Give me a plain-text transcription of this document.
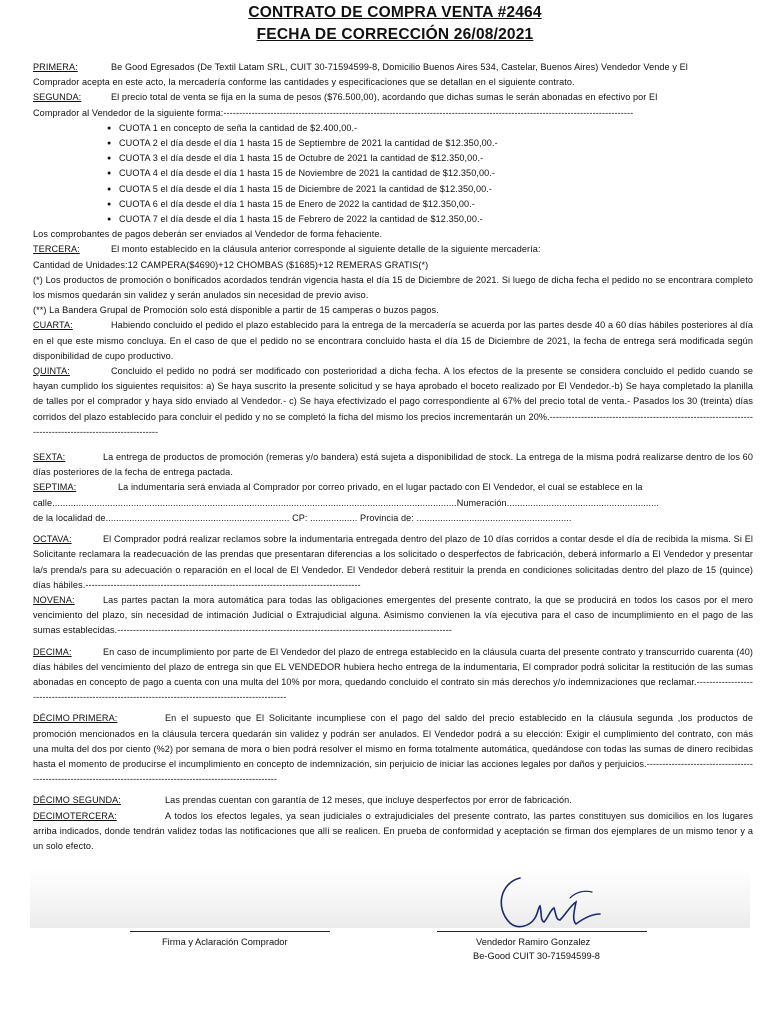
CONTRATO DE COMPRA VENTA #2464
FECHA DE CORRECCIÓN 26/08/2021

PRIMERA:	Be Good Egresados (De Textil Latam SRL, CUIT 30-71594599-8, Domicilio Buenos Aires 534, Castelar, Buenos Aires) Vendedor Vende y El

Comprador acepta en este acto, la mercadería conforme las cantidades y especificaciones que se detallan en el siguiente contrato.

SEGUNDA:	El precio total de venta se fija en la suma de pesos ($76.500,00), acordando que dichas sumas le serán abonadas en efectivo por El

Comprador al Vendedor de la siguiente forma:-----------------------------------------------------------------------------------------------------------------------------------

● CUOTA 1 en concepto de seña la cantidad de $2.400,00.-
● CUOTA 2 el día desde el día 1 hasta 15 de Septiembre de 2021 la cantidad de $12.350,00.-
● CUOTA 3 el día desde el día 1 hasta 15 de Octubre de 2021 la cantidad de $12.350,00.-
● CUOTA 4 el día desde el día 1 hasta 15 de Noviembre de 2021 la cantidad de $12.350,00.-
● CUOTA 5 el día desde el día 1 hasta 15 de Diciembre de 2021 la cantidad de $12.350,00.-
● CUOTA 6 el día desde el día 1 hasta 15 de Enero de 2022 la cantidad de $12.350,00.-
● CUOTA 7 el día desde el día 1 hasta 15 de Febrero de 2022 la cantidad de $12.350,00.-

Los comprobantes de pagos deberán ser enviados al Vendedor de forma fehaciente.

TERCERA:	El monto establecido en la cláusula anterior corresponde al siguiente detalle de la siguiente mercadería:

Cantidad de Unidades:12 CAMPERA($4690)+12 CHOMBAS ($1685)+12 REMERAS GRATIS(*)

(*) Los productos de promoción o bonificados acordados tendrán vigencia hasta el día 15 de Diciembre de 2021. Si luego de dicha fecha el pedido no se encontrara completo los mismos quedarán sin validez y serán anulados sin necesidad de previo aviso.

(**) La Bandera Grupal de Promoción solo está disponible a partir de 15 camperas o buzos pagos.

CUARTA:	Habiendo concluido el pedido el plazo establecido para la entrega de la mercadería se acuerda por las partes desde 40 a 60 días hábiles posteriores al día en el que este mismo concluya. En el caso de que el pedido no se encontrara concluido hasta el día 15 de Diciembre de 2021, la fecha de entrega será modificada según disponibilidad de cupo productivo.

QUINTA:	Concluido el pedido no podrá ser modificado con posterioridad a dicha fecha. A los efectos de la presente se considera concluido el pedido cuando se hayan cumplido los siguientes requisitos: a) Se haya suscrito la presente solicitud y se haya aprobado el boceto realizado por El Vendedor.-b) Se haya completado la planilla de talles por el comprador y haya sido enviado al Vendedor.- c) Se haya efectivizado el pago correspondiente al 67% del precio total de venta.- Pasados los 30 (treinta) días corridos del plazo establecido para concluir el pedido y no se completó la ficha del mismo los precios incrementarán un 20%.---------------------------------------------------------------------------------------------------------

SEXTA:	La entrega de productos de promoción (remeras y/o bandera) está sujeta a disponibilidad de stock. La entrega de la misma podrá realizarse dentro de los 60 días posteriores de la fecha de entrega pactada.

SEPTIMA:	La indumentaria será enviada al Comprador por correo privado, en el lugar pactado con El Vendedor, el cual se establece en la

calle..........................................................................................................................................................Numeración..........................................................

de la localidad de...................................................................... CP: .................. Provincia de: ...........................................................

OCTAVA:	El Comprador podrá realizar reclamos sobre la indumentaria entregada dentro del plazo de 10 días corridos a contar desde el día de recibida la misma. Si El Solicitante reclamara la readecuación de las prendas que presentaran diferencias a los solicitado o desperfectos de fabricación, deberá informarlo a El Vendedor y presentar la/s prenda/s para su adecuación o reparación en el local de El Vendedor. El Vendedor deberá restituir la prenda en condiciones solicitadas dentro del plazo de 15 (quince) días hábiles.----------------------------------------------------------------------------------------

NOVENA:	Las partes pactan la mora automática para todas las obligaciones emergentes del presente contrato, la que se producirá en todos los casos por el mero vencimiento del plazo, sin necesidad de intimación Judicial o Extrajudicial alguna. Asimismo convienen la vía ejecutiva para el caso de incumplimiento en el pago de las sumas establecidas.-----------------------------------------------------------------------------------------------------------

DECIMA:	En caso de incumplimiento por parte de El Vendedor del plazo de entrega establecido en la cláusula cuarta del presente contrato y transcurrido cuarenta (40) días hábiles del vencimiento del plazo de entrega sin que EL VENDEDOR hubiera hecho entrega de la indumentaria, El comprador podrá solicitar la restitución de las sumas abonadas en concepto de pago a cuenta con una multa del 10% por mora, quedando concluido el contrato sin más derechos y/o indemnizaciones que reclamar.---------------------------------------------------------------------------------------------------

DÉCIMO PRIMERA:	En el supuesto que El Solicitante incumpliese con el pago del saldo del precio establecido en la cláusula segunda ,los productos de promoción mencionados en la cláusula tercera quedarán sin validez y podrán ser anulados. El Vendedor podrá a su elección: Exigir el cumplimiento del contrato, con más una multa del dos por ciento (%2) por semana de mora o bien podrá resolver el mismo en forma totalmente automática, quedándose con todas las sumas de dinero recibidas hasta el momento de producirse el incumplimiento en concepto de indemnización, sin perjuicio de iniciar las acciones legales por daños y perjuicios.----------------------------------------------------------------------------------------------------------------

DÉCIMO SEGUNDA:	Las prendas cuentan con garantía de 12 meses, que incluye desperfectos por error de fabricación.

DECIMOTERCERA:	A todos los efectos legales, ya sean judiciales o extrajudiciales del presente contrato, las partes constituyen sus domicilios en los lugares arriba indicados, donde tendrán validez todas las notificaciones que allí se realicen. En prueba de conformidad y aceptación se firman dos ejemplares de un mismo tenor y a un solo efecto.

Firma y Aclaración Comprador	Vendedor Ramiro Gonzalez
Be-Good CUIT 30-71594599-8
